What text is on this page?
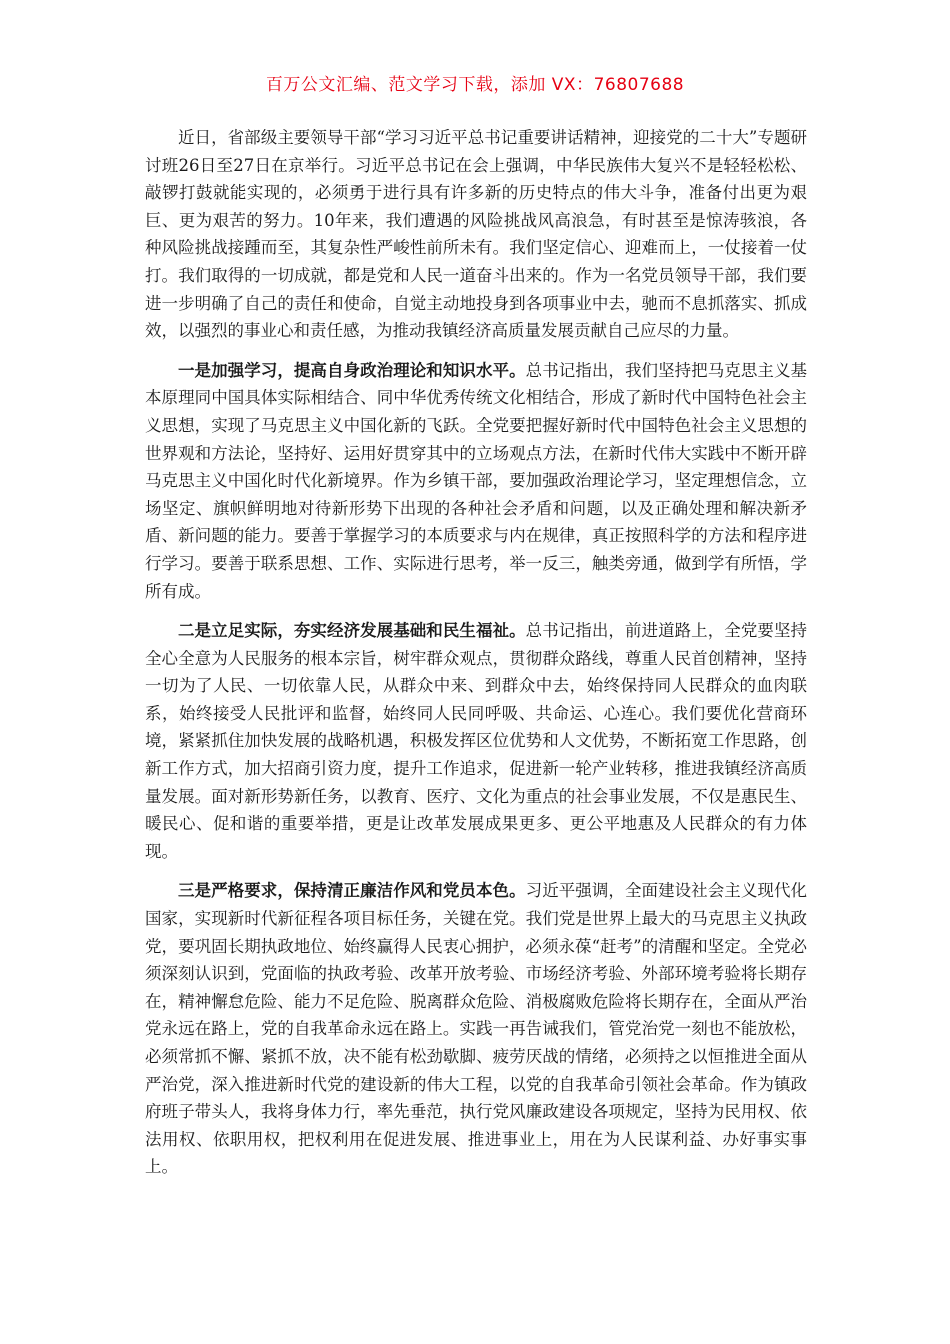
百万公文汇编、范文学习下载，添加 VX：76807688

近日，省部级主要领导干部“学习习近平总书记重要讲话精神，迎接党的二十大”专题研讨班26日至27日在京举行。习近平总书记在会上强调，中华民族伟大复兴不是轻轻松松、敲锣打鼓就能实现的，必须勇于进行具有许多新的历史特点的伟大斗争，准备付出更为艰巨、更为艰苦的努力。10年来，我们遭遇的风险挑战风高浪急，有时甚至是惊涛骇浪，各种风险挑战接踵而至，其复杂性严峻性前所未有。我们坚定信心、迎难而上，一仗接着一仗打。我们取得的一切成就，都是党和人民一道奋斗出来的。作为一名党员领导干部，我们要进一步明确了自己的责任和使命，自觉主动地投身到各项事业中去，驰而不息抓落实、抓成效，以强烈的事业心和责任感，为推动我镇经济高质量发展贡献自己应尽的力量。

一是加强学习，提高自身政治理论和知识水平。总书记指出，我们坚持把马克思主义基本原理同中国具体实际相结合、同中华优秀传统文化相结合，形成了新时代中国特色社会主义思想，实现了马克思主义中国化新的飞跃。全党要把握好新时代中国特色社会主义思想的世界观和方法论，坚持好、运用好贯穿其中的立场观点方法，在新时代伟大实践中不断开辟马克思主义中国化时代化新境界。作为乡镇干部，要加强政治理论学习，坚定理想信念，立场坚定、旗帜鲜明地对待新形势下出现的各种社会矛盾和问题，以及正确处理和解决新矛盾、新问题的能力。要善于掌握学习的本质要求与内在规律，真正按照科学的方法和程序进行学习。要善于联系思想、工作、实际进行思考，举一反三，触类旁通，做到学有所悟，学所有成。

二是立足实际，夯实经济发展基础和民生福祉。总书记指出，前进道路上，全党要坚持全心全意为人民服务的根本宗旨，树牢群众观点，贯彻群众路线，尊重人民首创精神，坚持一切为了人民、一切依靠人民，从群众中来、到群众中去，始终保持同人民群众的血肉联系，始终接受人民批评和监督，始终同人民同呼吸、共命运、心连心。我们要优化营商环境，紧紧抓住加快发展的战略机遇，积极发挥区位优势和人文优势，不断拓宽工作思路，创新工作方式，加大招商引资力度，提升工作追求，促进新一轮产业转移，推进我镇经济高质量发展。面对新形势新任务，以教育、医疗、文化为重点的社会事业发展，不仅是惠民生、暖民心、促和谐的重要举措，更是让改革发展成果更多、更公平地惠及人民群众的有力体现。

三是严格要求，保持清正廉洁作风和党员本色。习近平强调，全面建设社会主义现代化国家，实现新时代新征程各项目标任务，关键在党。我们党是世界上最大的马克思主义执政党，要巩固长期执政地位、始终赢得人民衷心拥护，必须永葆“赶考”的清醒和坚定。全党必须深刻认识到，党面临的执政考验、改革开放考验、市场经济考验、外部环境考验将长期存在，精神懈怠危险、能力不足危险、脱离群众危险、消极腐败危险将长期存在，全面从严治党永远在路上，党的自我革命永远在路上。实践一再告诫我们，管党治党一刻也不能放松，必须常抓不懈、紧抓不放，决不能有松劲歇脚、疲劳厌战的情绪，必须持之以恒推进全面从严治党，深入推进新时代党的建设新的伟大工程，以党的自我革命引领社会革命。作为镇政府班子带头人，我将身体力行，率先垂范，执行党风廉政建设各项规定，坚持为民用权、依法用权、依职用权，把权利用在促进发展、推进事业上，用在为人民谋利益、办好事实事上。
